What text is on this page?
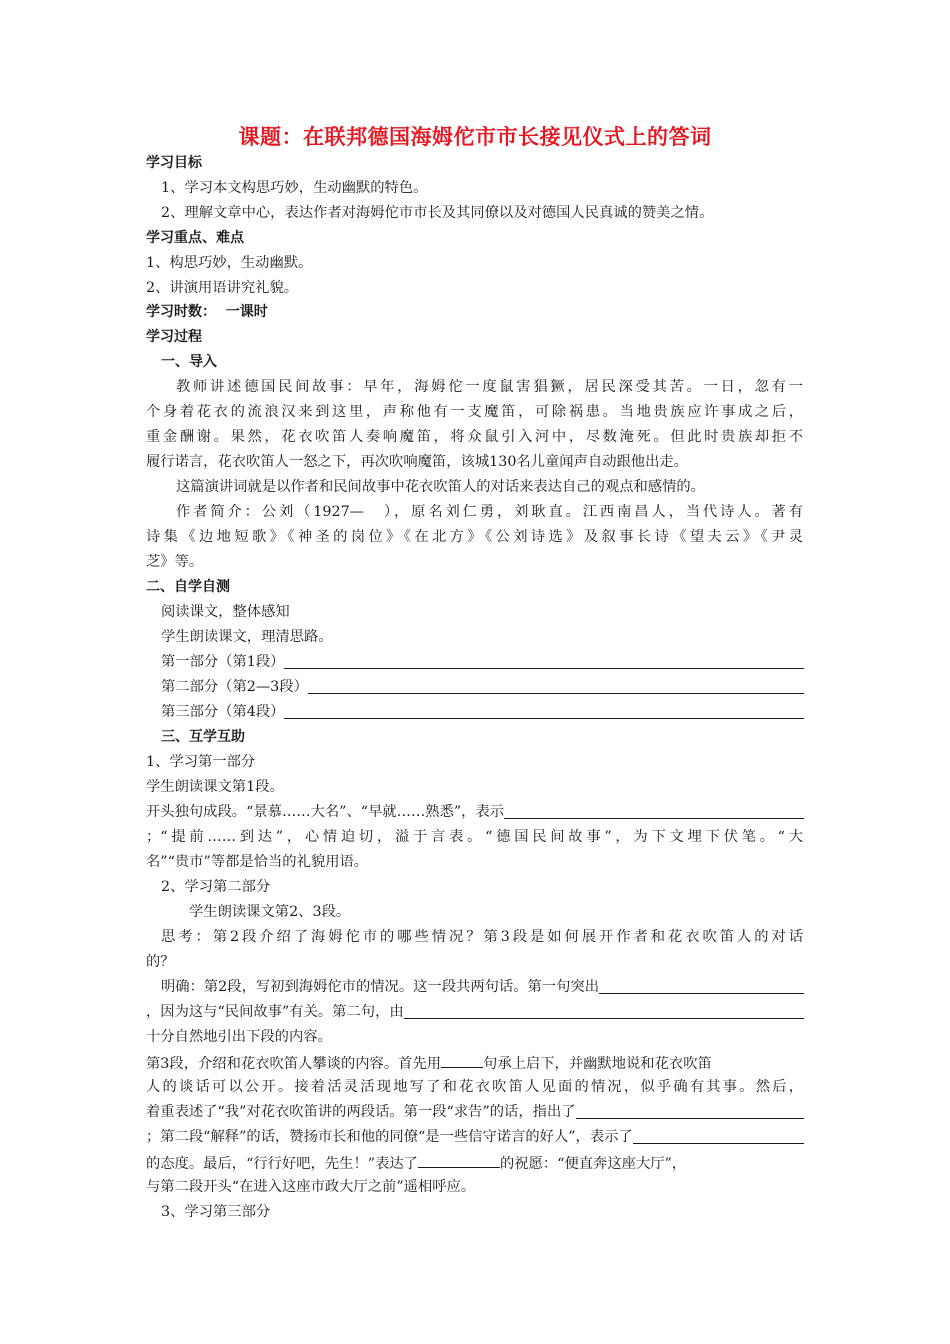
课题：在联邦德国海姆佗市市长接见仪式上的答词
学习目标
1、学习本文构思巧妙，生动幽默的特色。
2、理解文章中心，表达作者对海姆佗市市长及其同僚以及对德国人民真诚的赞美之情。
学习重点、难点
1、构思巧妙，生动幽默。
2、讲演用语讲究礼貌。
学习时数： 一课时
学习过程
一、导入
教师讲述德国民间故事：早年，海姆佗一度鼠害猖獗，居民深受其苦。一日，忽有一
个身着花衣的流浪汉来到这里，声称他有一支魔笛，可除祸患。当地贵族应许事成之后，
重金酬谢。果然，花衣吹笛人奏响魔笛，将众鼠引入河中，尽数淹死。但此时贵族却拒不
履行诺言，花衣吹笛人一怒之下，再次吹响魔笛，该城130名儿童闻声自动跟他出走。
这篇演讲词就是以作者和民间故事中花衣吹笛人的对话来表达自己的观点和感情的。
作者简介：公刘（1927—　），原名刘仁勇，刘耿直。江西南昌人，当代诗人。著有
诗集《边地短歌》《神圣的岗位》《在北方》《公刘诗选》及叙事长诗《望夫云》《尹灵
芝》等。
二、自学自测
阅读课文，整体感知
学生朗读课文，理清思路。
第一部分（第1段）
第二部分（第2—3段）
第三部分（第4段）
三、互学互助
1、学习第一部分
学生朗读课文第1段。
开头独句成段。“景慕……大名”、“早就……熟悉”，表示
；“提前……到达”，心情迫切，溢于言表。“德国民间故事”，为下文埋下伏笔。“大
名”“贵市”等都是恰当的礼貌用语。
2、学习第二部分
学生朗读课文第2、3段。
思考：第2段介绍了海姆佗市的哪些情况？第3段是如何展开作者和花衣吹笛人的对话
的？
明确：第2段，写初到海姆佗市的情况。这一段共两句话。第一句突出
，因为这与“民间故事”有关。第二句，由
十分自然地引出下段的内容。
第3段，介绍和花衣吹笛人攀谈的内容。首先用	句承上启下，并幽默地说和花衣吹笛
人的谈话可以公开。接着活灵活现地写了和花衣吹笛人见面的情况，似乎确有其事。然后，
着重表述了“我”对花衣吹笛讲的两段话。第一段“求告”的话，指出了
；第二段“解释”的话，赞扬市长和他的同僚“是一些信守诺言的好人”，表示了
的态度。最后，“行行好吧，先生！”表达了	的祝愿：“便直奔这座大厅”，
与第二段开头“在进入这座市政大厅之前”遥相呼应。
3、学习第三部分
